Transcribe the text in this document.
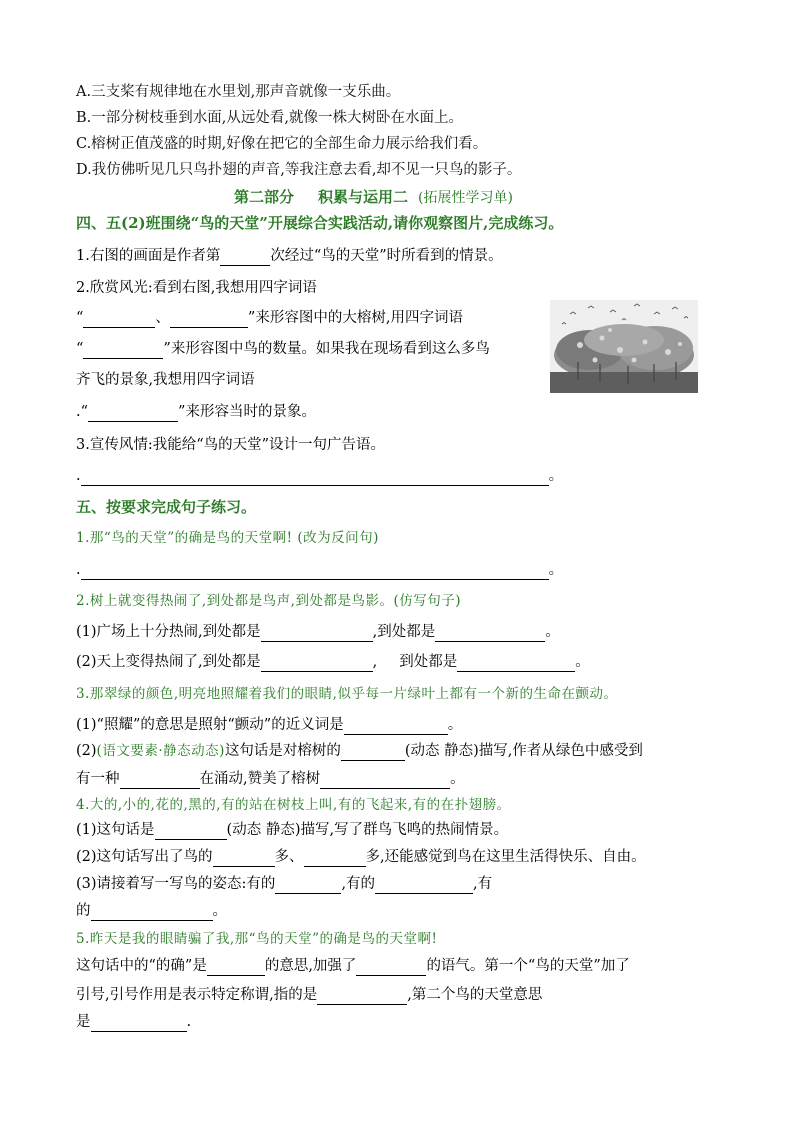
A.三支桨有规律地在水里划,那声音就像一支乐曲。
B.一部分树枝垂到水面,从远处看,就像一株大树卧在水面上。
C.榕树正值茂盛的时期,好像在把它的全部生命力展示给我们看。
D.我仿佛听见几只鸟扑翅的声音,等我注意去看,却不见一只鸟的影子。
第二部分 积累与运用二 (拓展性学习单)
四、五(2)班围绕“鸟的天堂”开展综合实践活动,请你观察图片,完成练习。
1.右图的画面是作者第	次经过“鸟的天堂”时所看到的情景。
2.欣赏风光:看到右图,我想用四字词语
“	、	”来形容图中的大榕树,用四字词语
“	”来形容图中鸟的数量。如果我在现场看到这么多鸟
齐飞的景象,我想用四字词语
.“	”来形容当时的景象。
3.宣传风情:我能给“鸟的天堂”设计一句广告语。
.	。
五、按要求完成句子练习。
1.那“鸟的天堂”的确是鸟的天堂啊! (改为反问句)
.	。
2.树上就变得热闹了,到处都是鸟声,到处都是鸟影。(仿写句子)
(1)广场上十分热闹,到处都是	,到处都是	。
(2)天上变得热闹了,到处都是	, 到处都是	。
3.那翠绿的颜色,明亮地照耀着我们的眼睛,似乎每一片绿叶上都有一个新的生命在颤动。
(1)“照耀”的意思是照射“颤动”的近义词是	。
(2)(语文要素·静态动态)这句话是对榕树的	(动态 静态)描写,作者从绿色中感受到
有一种	在涌动,赞美了榕树	。
4.大的,小的,花的,黑的,有的站在树枝上叫,有的飞起来,有的在扑翅膀。
(1)这句话是	(动态 静态)描写,写了群鸟飞鸣的热闹情景。
(2)这句话写出了鸟的	多、	多,还能感觉到鸟在这里生活得快乐、自由。
(3)请接着写一写鸟的姿态:有的	,有的	,有
的	。
5.昨天是我的眼睛骗了我,那“鸟的天堂”的确是鸟的天堂啊!
这句话中的“的确”是	的意思,加强了	的语气。第一个“鸟的天堂”加了
引号,引号作用是表示特定称谓,指的是	,第二个鸟的天堂意思
是	.
